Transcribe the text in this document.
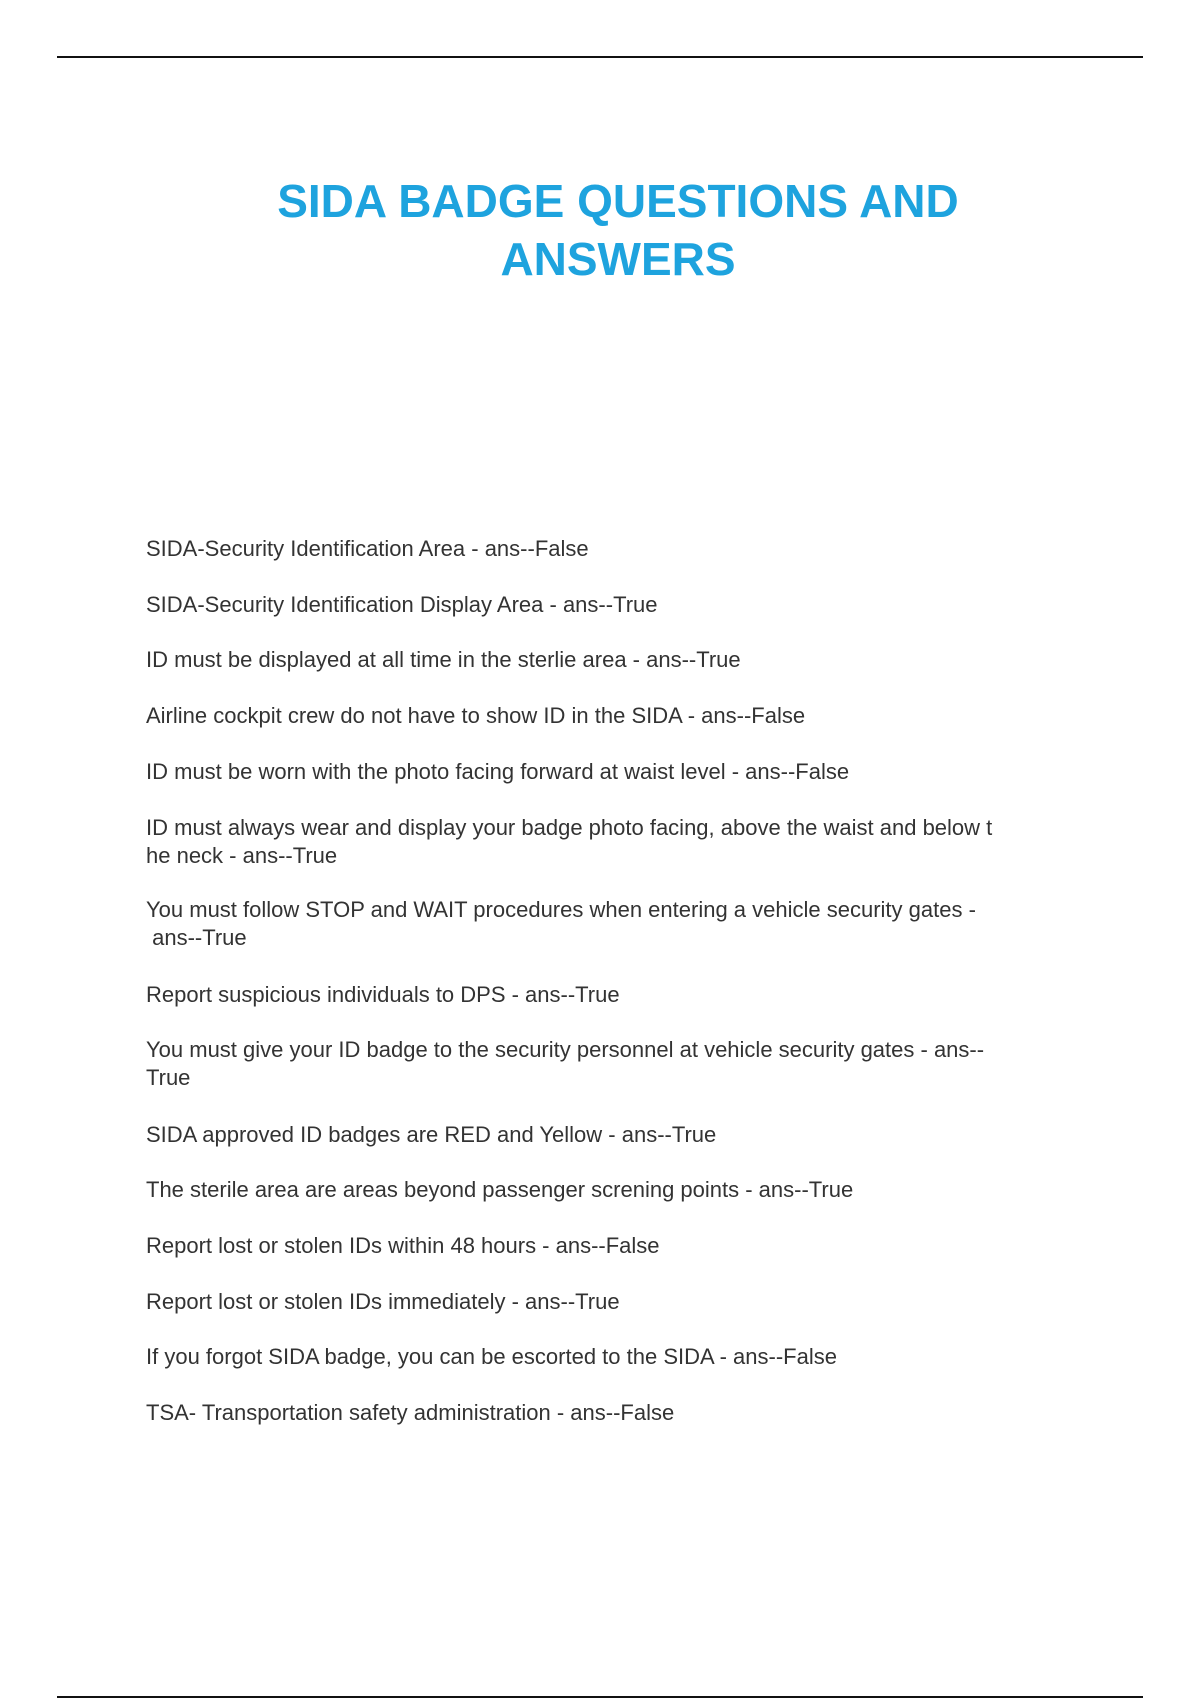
SIDA BADGE QUESTIONS AND
ANSWERS
SIDA-Security Identification Area - ans--False
SIDA-Security Identification Display Area - ans--True
ID must be displayed at all time in the sterlie area - ans--True
Airline cockpit crew do not have to show ID in the SIDA - ans--False
ID must be worn with the photo facing forward at waist level - ans--False
ID must always wear and display your badge photo facing, above the waist and below t
he neck - ans--True
You must follow STOP and WAIT procedures when entering a vehicle security gates -
ans--True
Report suspicious individuals to DPS - ans--True
You must give your ID badge to the security personnel at vehicle security gates - ans--
True
SIDA approved ID badges are RED and Yellow - ans--True
The sterile area are areas beyond passenger screning points - ans--True
Report lost or stolen IDs within 48 hours - ans--False
Report lost or stolen IDs immediately - ans--True
If you forgot SIDA badge, you can be escorted to the SIDA - ans--False
TSA- Transportation safety administration - ans--False
